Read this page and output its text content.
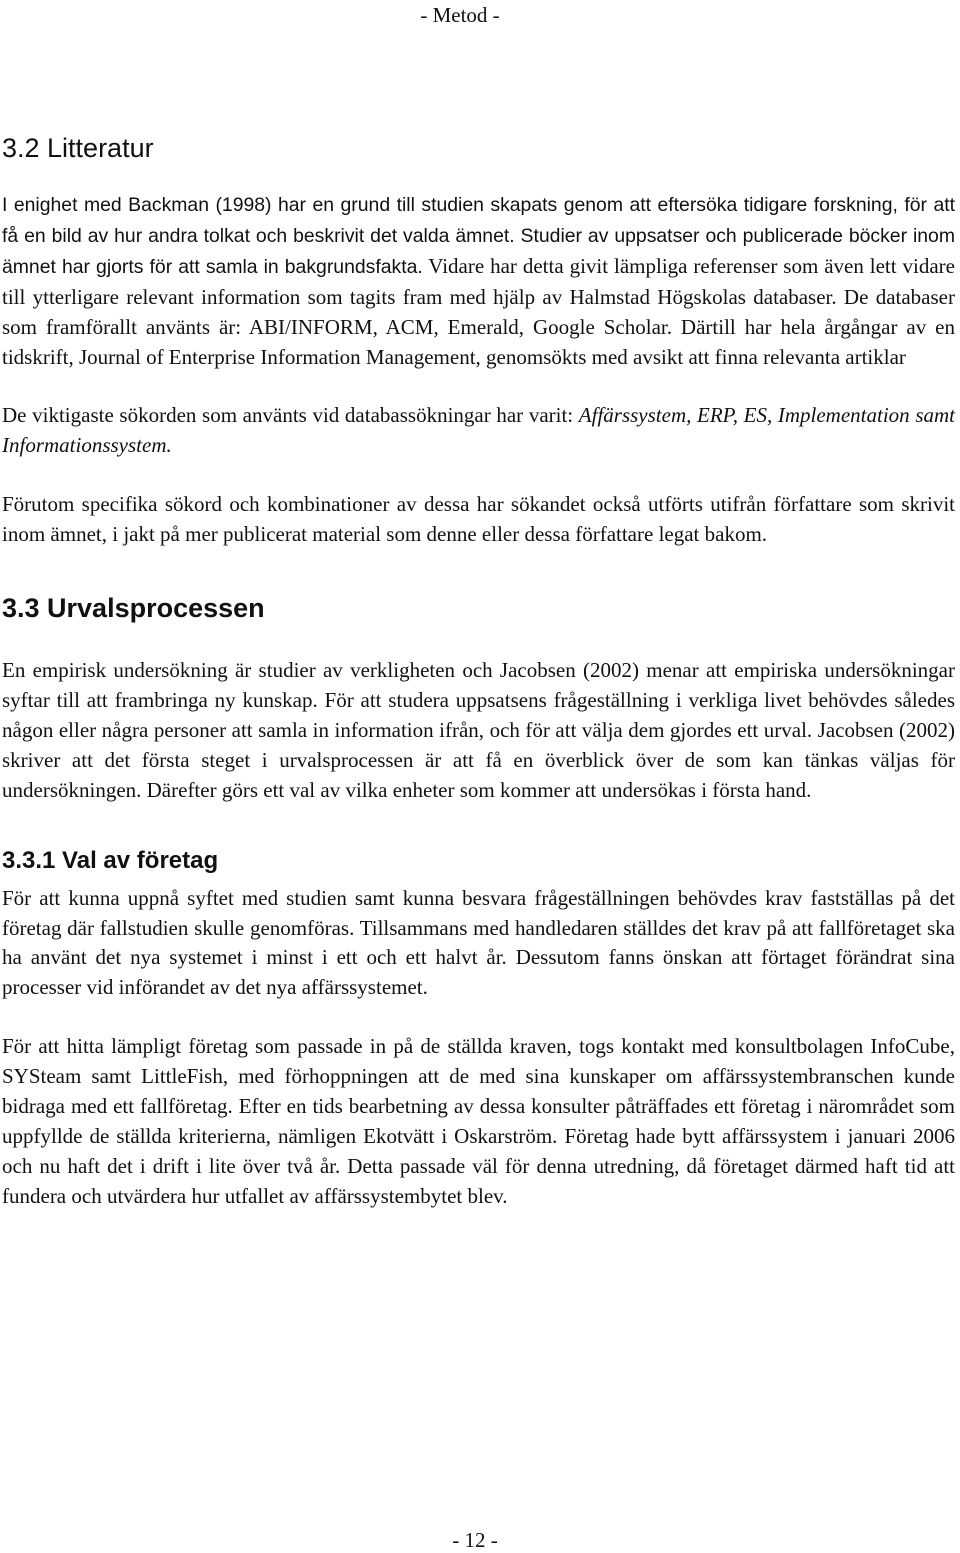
- Metod -
3.2 Litteratur

I enighet med Backman (1998) har en grund till studien skapats genom att eftersöka tidigare forskning, för att få en bild av hur andra tolkat och beskrivit det valda ämnet. Studier av uppsatser och publicerade böcker inom ämnet har gjorts för att samla in bakgrundsfakta. Vidare har detta givit lämpliga referenser som även lett vidare till ytterligare relevant information som tagits fram med hjälp av Halmstad Högskolas databaser. De databaser som framförallt använts är: ABI/INFORM, ACM, Emerald, Google Scholar. Därtill har hela årgångar av en tidskrift, Journal of Enterprise Information Management, genomsökts med avsikt att finna relevanta artiklar

De viktigaste sökorden som använts vid databassökningar har varit: Affärssystem, ERP, ES, Implementation samt Informationssystem.

Förutom specifika sökord och kombinationer av dessa har sökandet också utförts utifrån författare som skrivit inom ämnet, i jakt på mer publicerat material som denne eller dessa författare legat bakom.

3.3 Urvalsprocessen

En empirisk undersökning är studier av verkligheten och Jacobsen (2002) menar att empiriska undersökningar syftar till att frambringa ny kunskap. För att studera uppsatsens frågeställning i verkliga livet behövdes således någon eller några personer att samla in information ifrån, och för att välja dem gjordes ett urval. Jacobsen (2002) skriver att det första steget i urvalsprocessen är att få en överblick över de som kan tänkas väljas för undersökningen. Därefter görs ett val av vilka enheter som kommer att undersökas i första hand.

3.3.1 Val av företag

För att kunna uppnå syftet med studien samt kunna besvara frågeställningen behövdes krav fastställas på det företag där fallstudien skulle genomföras. Tillsammans med handledaren ställdes det krav på att fallföretaget ska ha använt det nya systemet i minst i ett och ett halvt år. Dessutom fanns önskan att förtaget förändrat sina processer vid införandet av det nya affärssystemet.

För att hitta lämpligt företag som passade in på de ställda kraven, togs kontakt med konsultbolagen InfoCube, SYSteam samt LittleFish, med förhoppningen att de med sina kunskaper om affärssystembranschen kunde bidraga med ett fallföretag. Efter en tids bearbetning av dessa konsulter påträffades ett företag i närområdet som uppfyllde de ställda kriterierna, nämligen Ekotvätt i Oskarström. Företag hade bytt affärssystem i januari 2006 och nu haft det i drift i lite över två år. Detta passade väl för denna utredning, då företaget därmed haft tid att fundera och utvärdera hur utfallet av affärssystembytet blev.

- 12 -
